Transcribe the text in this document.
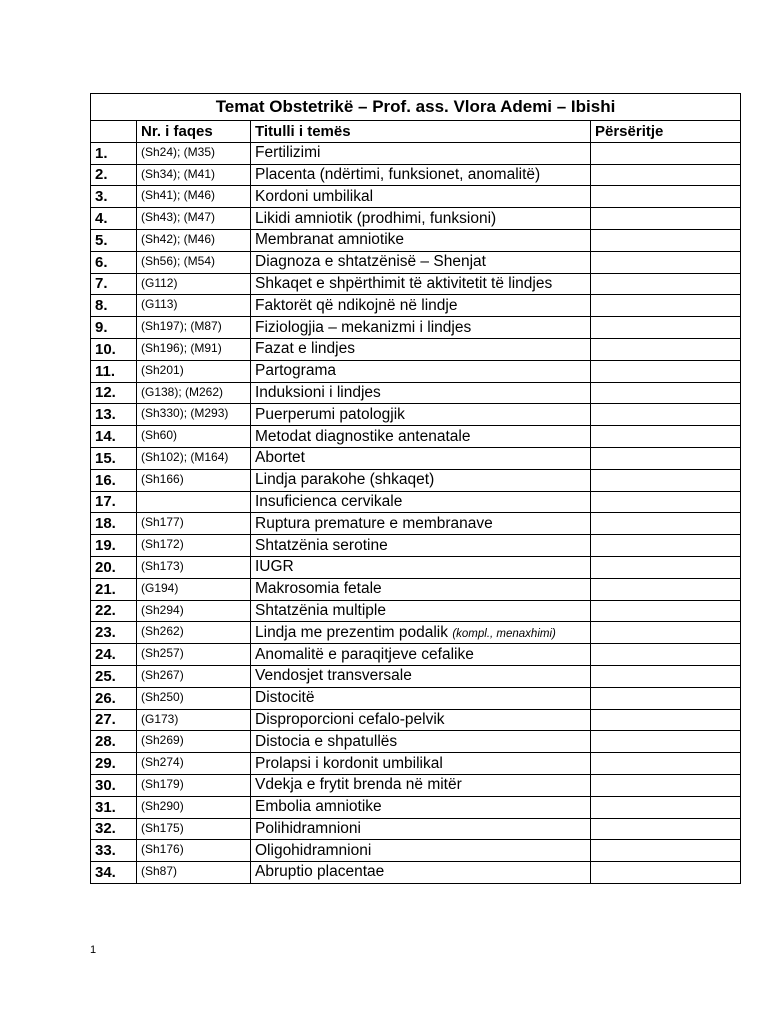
Temat Obstetrikë – Prof. ass. Vlora Ademi – Ibishi			
	Nr. i faqes	Titulli i temës	Përsëritje
1.	(Sh24); (M35)	Fertilizimi	
2.	(Sh34); (M41)	Placenta (ndërtimi, funksionet, anomalitë)	
3.	(Sh41); (M46)	Kordoni umbilikal	
4.	(Sh43); (M47)	Likidi amniotik (prodhimi, funksioni)	
5.	(Sh42); (M46)	Membranat amniotike	
6.	(Sh56); (M54)	Diagnoza e shtatzënisë – Shenjat	
7.	(G112)	Shkaqet e shpërthimit të aktivitetit të lindjes	
8.	(G113)	Faktorët që ndikojnë në lindje	
9.	(Sh197); (M87)	Fiziologjia – mekanizmi i lindjes	
10.	(Sh196); (M91)	Fazat e lindjes	
11.	(Sh201)	Partograma	
12.	(G138); (M262)	Induksioni i lindjes	
13.	(Sh330); (M293)	Puerperumi patologjik	
14.	(Sh60)	Metodat diagnostike antenatale	
15.	(Sh102); (M164)	Abortet	
16.	(Sh166)	Lindja parakohe (shkaqet)	
17.		Insuficienca cervikale	
18.	(Sh177)	Ruptura premature e membranave	
19.	(Sh172)	Shtatzënia serotine	
20.	(Sh173)	IUGR	
21.	(G194)	Makrosomia fetale	
22.	(Sh294)	Shtatzënia multiple	
23.	(Sh262)	Lindja me prezentim podalik (kompl., menaxhimi)	
24.	(Sh257)	Anomalitë e paraqitjeve cefalike	
25.	(Sh267)	Vendosjet transversale	
26.	(Sh250)	Distocitë	
27.	(G173)	Disproporcioni cefalo-pelvik	
28.	(Sh269)	Distocia e shpatullës	
29.	(Sh274)	Prolapsi i kordonit umbilikal	
30.	(Sh179)	Vdekja e frytit brenda në mitër	
31.	(Sh290)	Embolia amniotike	
32.	(Sh175)	Polihidramnioni	
33.	(Sh176)	Oligohidramnioni	
34.	(Sh87)	Abruptio placentae	
1
